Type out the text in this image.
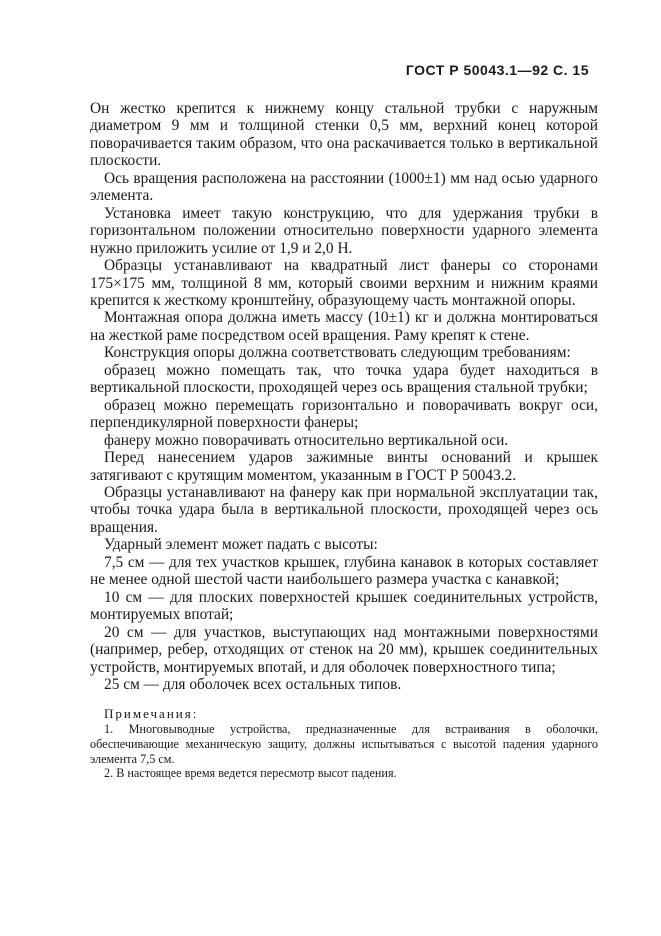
ГОСТ Р 50043.1—92 С. 15

Он жестко крепится к нижнему концу стальной трубки с наружным диаметром 9 мм и толщиной стенки 0,5 мм, верхний конец которой поворачивается таким образом, что она раскачивается только в вертикальной плоскости.

Ось вращения расположена на расстоянии (1000±1) мм над осью ударного элемента.

Установка имеет такую конструкцию, что для удержания трубки в горизонтальном положении относительно поверхности ударного элемента нужно приложить усилие от 1,9 и 2,0 Н.

Образцы устанавливают на квадратный лист фанеры со сторонами 175×175 мм, толщиной 8 мм, который своими верхним и нижним краями крепится к жесткому кронштейну, образующему часть монтажной опоры.

Монтажная опора должна иметь массу (10±1) кг и должна монтироваться на жесткой раме посредством осей вращения. Раму крепят к стене.

Конструкция опоры должна соответствовать следующим требованиям:

образец можно помещать так, что точка удара будет находиться в вертикальной плоскости, проходящей через ось вращения стальной трубки;

образец можно перемещать горизонтально и поворачивать вокруг оси, перпендикулярной поверхности фанеры;

фанеру можно поворачивать относительно вертикальной оси.

Перед нанесением ударов зажимные винты оснований и крышек затягивают с крутящим моментом, указанным в ГОСТ Р 50043.2.

Образцы устанавливают на фанеру как при нормальной эксплуатации так, чтобы точка удара была в вертикальной плоскости, проходящей через ось вращения.

Ударный элемент может падать с высоты:

7,5 см — для тех участков крышек, глубина канавок в которых составляет не менее одной шестой части наибольшего размера участка с канавкой;

10 см — для плоских поверхностей крышек соединительных устройств, монтируемых впотай;

20 см — для участков, выступающих над монтажными поверхностями (например, ребер, отходящих от стенок на 20 мм), крышек соединительных устройств, монтируемых впотай, и для оболочек поверхностного типа;

25 см — для оболочек всех остальных типов.

Примечания:

1. Многовыводные устройства, предназначенные для встраивания в оболочки, обеспечивающие механическую защиту, должны испытываться с высотой падения ударного элемента 7,5 см.

2. В настоящее время ведется пересмотр высот падения.
